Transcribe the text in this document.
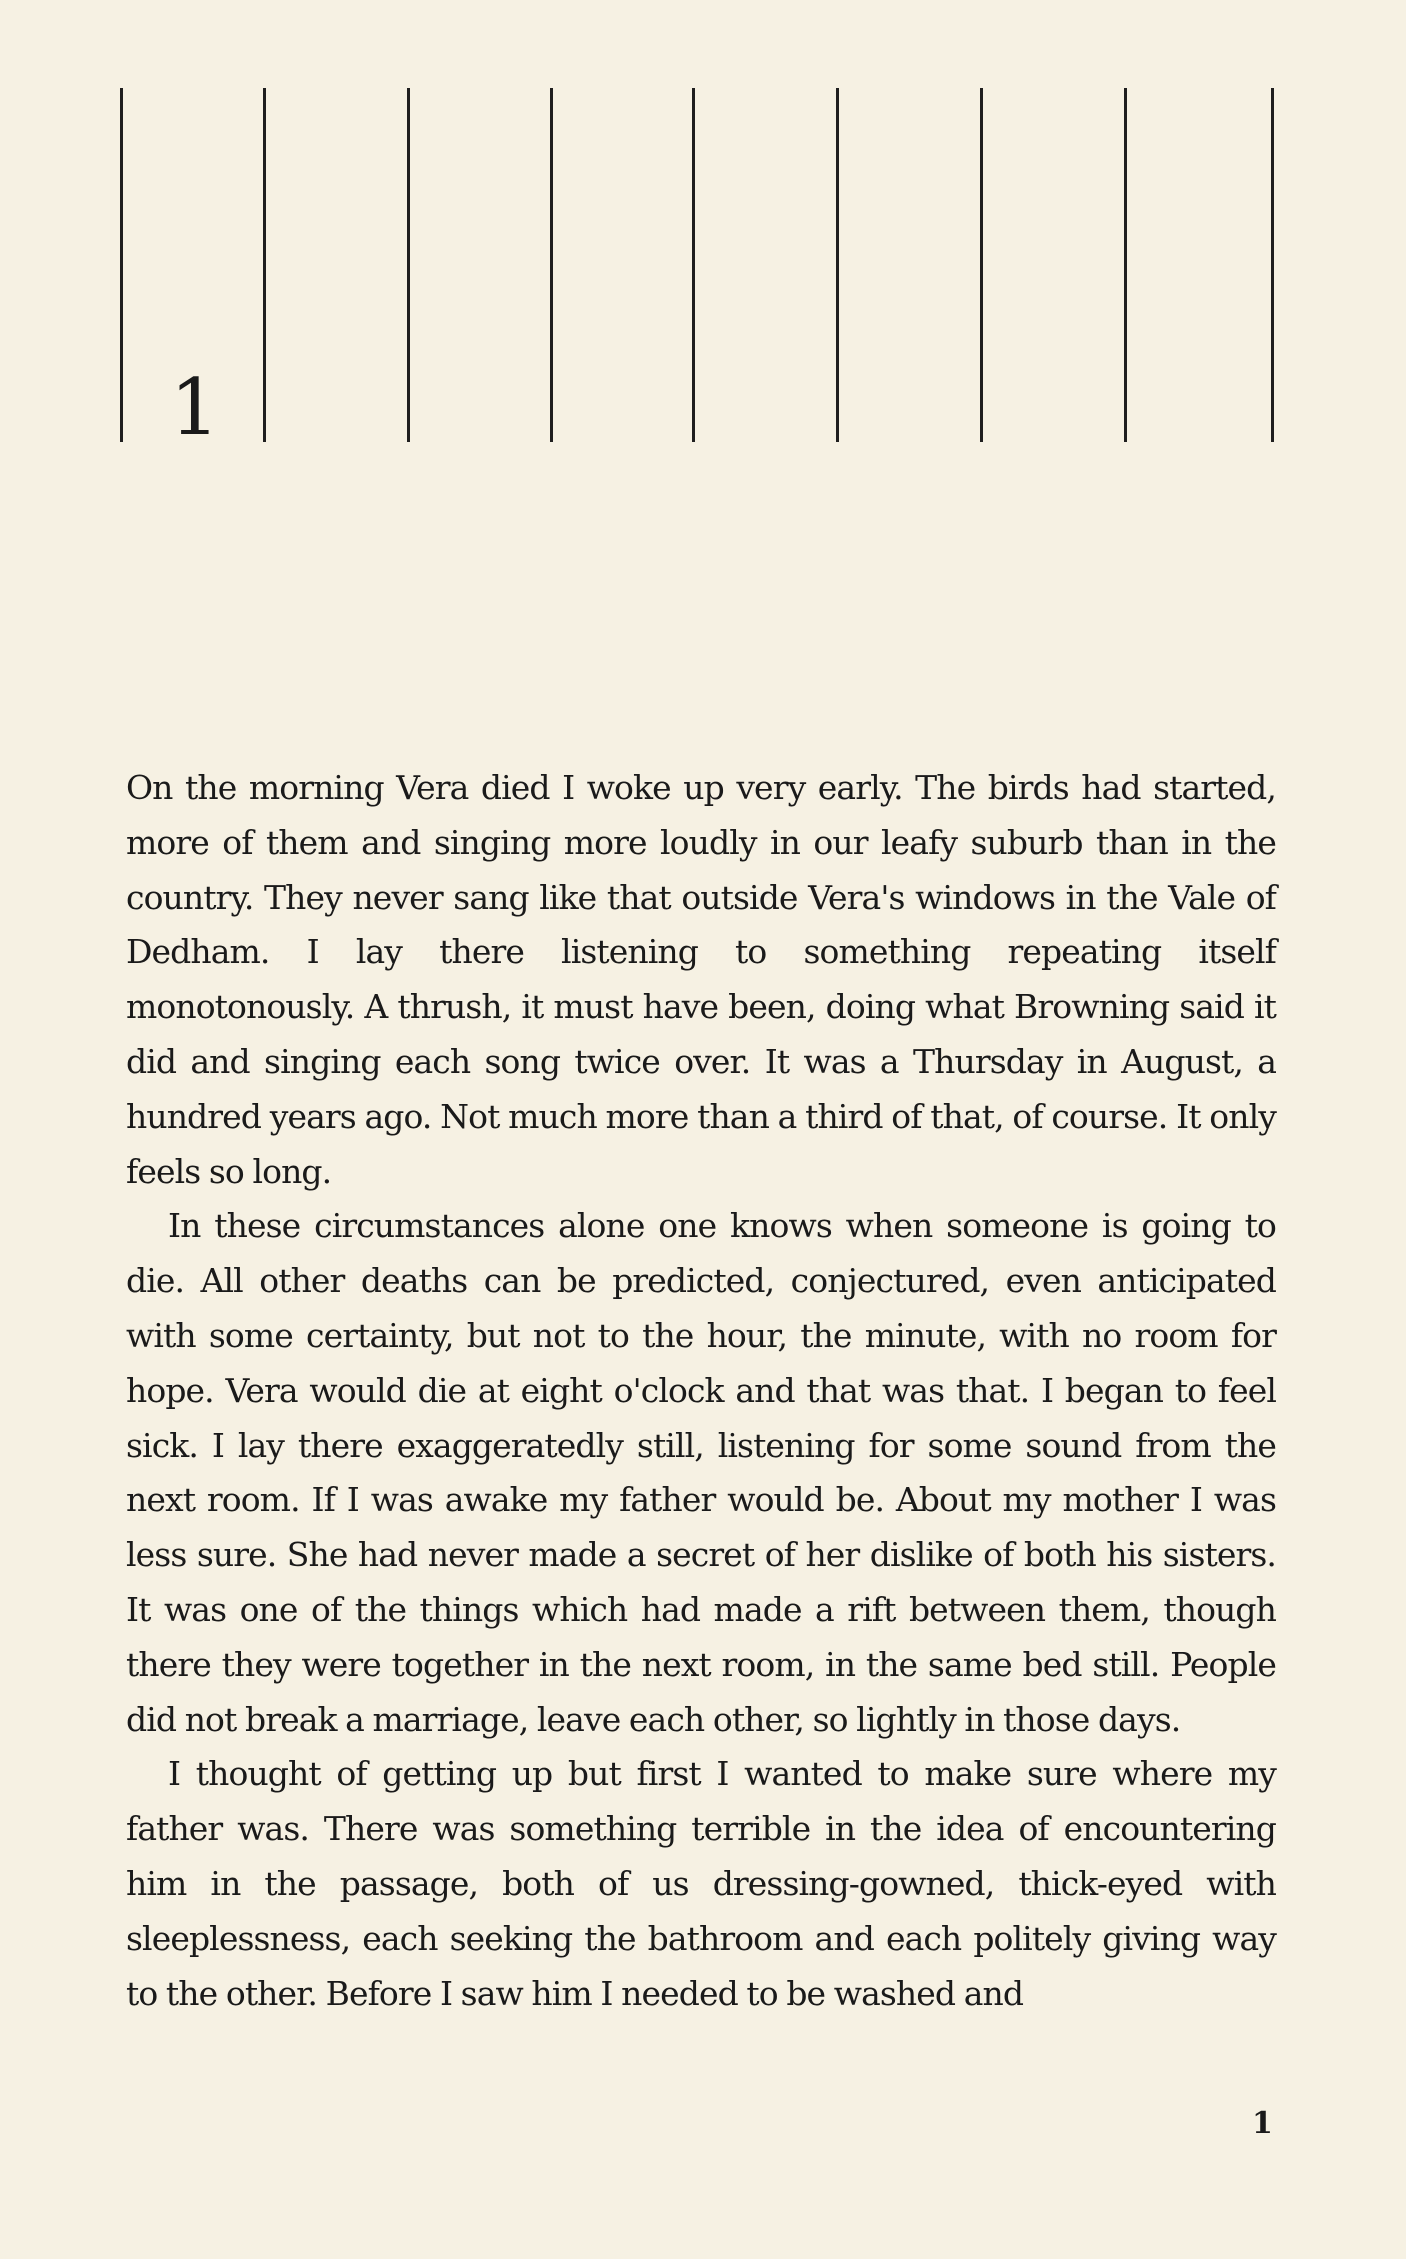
1

On the morning Vera died I woke up very early. The birds had started, more of them and singing more loudly in our leafy suburb than in the country. They never sang like that outside Vera's windows in the Vale of Dedham. I lay there listening to something repeating itself monotonously. A thrush, it must have been, doing what Browning said it did and singing each song twice over. It was a Thursday in August, a hundred years ago. Not much more than a third of that, of course. It only feels so long.

In these circumstances alone one knows when someone is going to die. All other deaths can be predicted, conjectured, even anticipated with some certainty, but not to the hour, the minute, with no room for hope. Vera would die at eight o'clock and that was that. I began to feel sick. I lay there exaggeratedly still, listening for some sound from the next room. If I was awake my father would be. About my mother I was less sure. She had never made a secret of her dislike of both his sisters. It was one of the things which had made a rift between them, though there they were together in the next room, in the same bed still. People did not break a marriage, leave each other, so lightly in those days.

I thought of getting up but first I wanted to make sure where my father was. There was something terrible in the idea of encountering him in the passage, both of us dressing-gowned, thick-eyed with sleeplessness, each seeking the bathroom and each politely giving way to the other. Before I saw him I needed to be washed and

1
